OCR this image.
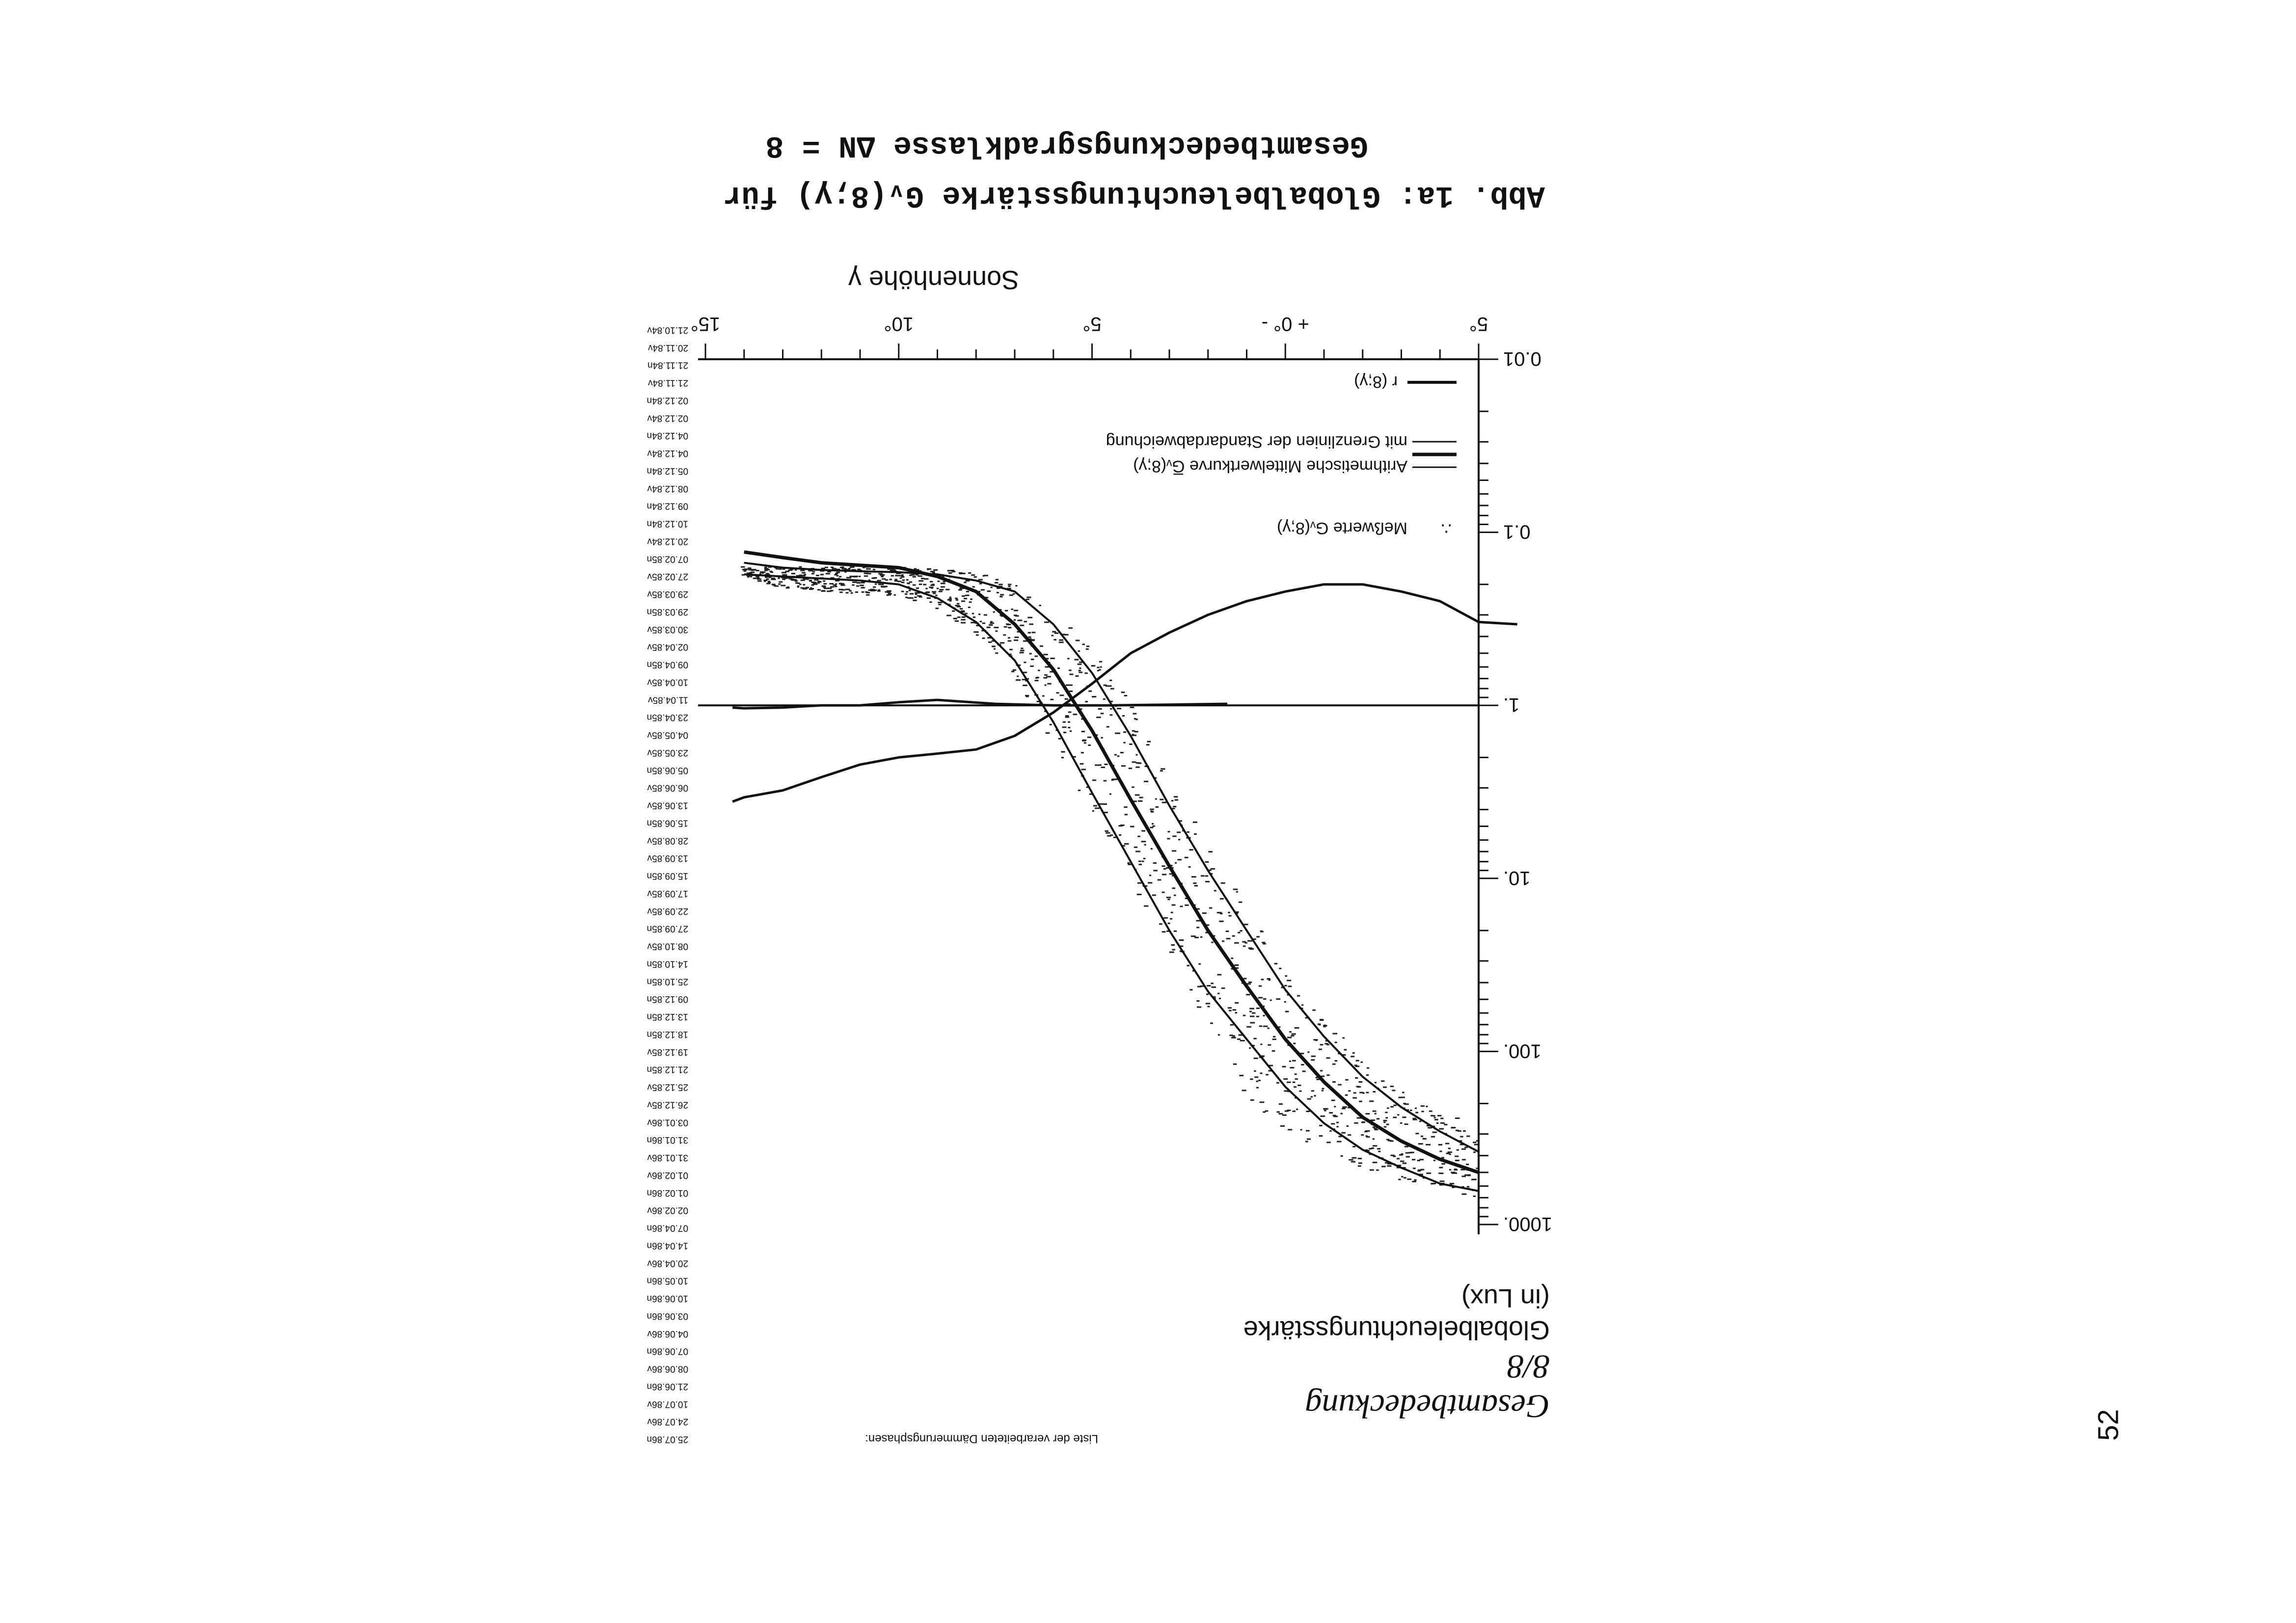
52
Abb. 1a: Globalbeleuchtungsstärke Gᵥ(8;γ) für
Gesamtbedeckungsgradklasse ΔN = 8
Sonnenhöhe γ
5°
+ 0° -
5°
10°
15°
0.01
0.1
1.
10.
100.
1000.
∴
Meßwerte Gᵥ(8;γ)
Arithmetische Mittelwertkurve G̅ᵥ(8;γ)
mit Grenzlinien der Standardabweichung
r (8;γ)
Gesamtbedeckung
8/8
Globalbeleuchtungsstärke
(in Lux)
Liste der verarbeiteten Dämmerungsphasen:
21.10.84v
20.11.84v
21.11.84n
21.11.84v
02.12.84n
02.12.84v
04.12.84n
04.12.84v
05.12.84n
08.12.84v
09.12.84n
10.12.84n
20.12.84v
07.02.85n
27.02.85v
29.03.85v
29.03.85n
30.03.85v
02.04.85v
09.04.85n
10.04.85v
11.04.85v
23.04.85n
04.05.85v
23.05.85v
05.06.85n
06.06.85v
13.06.85v
15.06.85n
28.08.85v
13.09.85v
15.09.85n
17.09.85v
22.09.85v
27.09.85n
08.10.85v
14.10.85n
25.10.85n
09.12.85n
13.12.85n
18.12.85n
19.12.85v
21.12.85n
25.12.85v
26.12.85v
03.01.86v
31.01.86n
31.01.86v
01.02.86v
01.02.86n
02.02.86v
07.04.86n
14.04.86n
20.04.86v
10.05.86n
10.06.86n
03.06.86n
04.06.86v
07.06.86n
08.06.86v
21.06.86n
10.07.86v
24.07.86v
25.07.86n
